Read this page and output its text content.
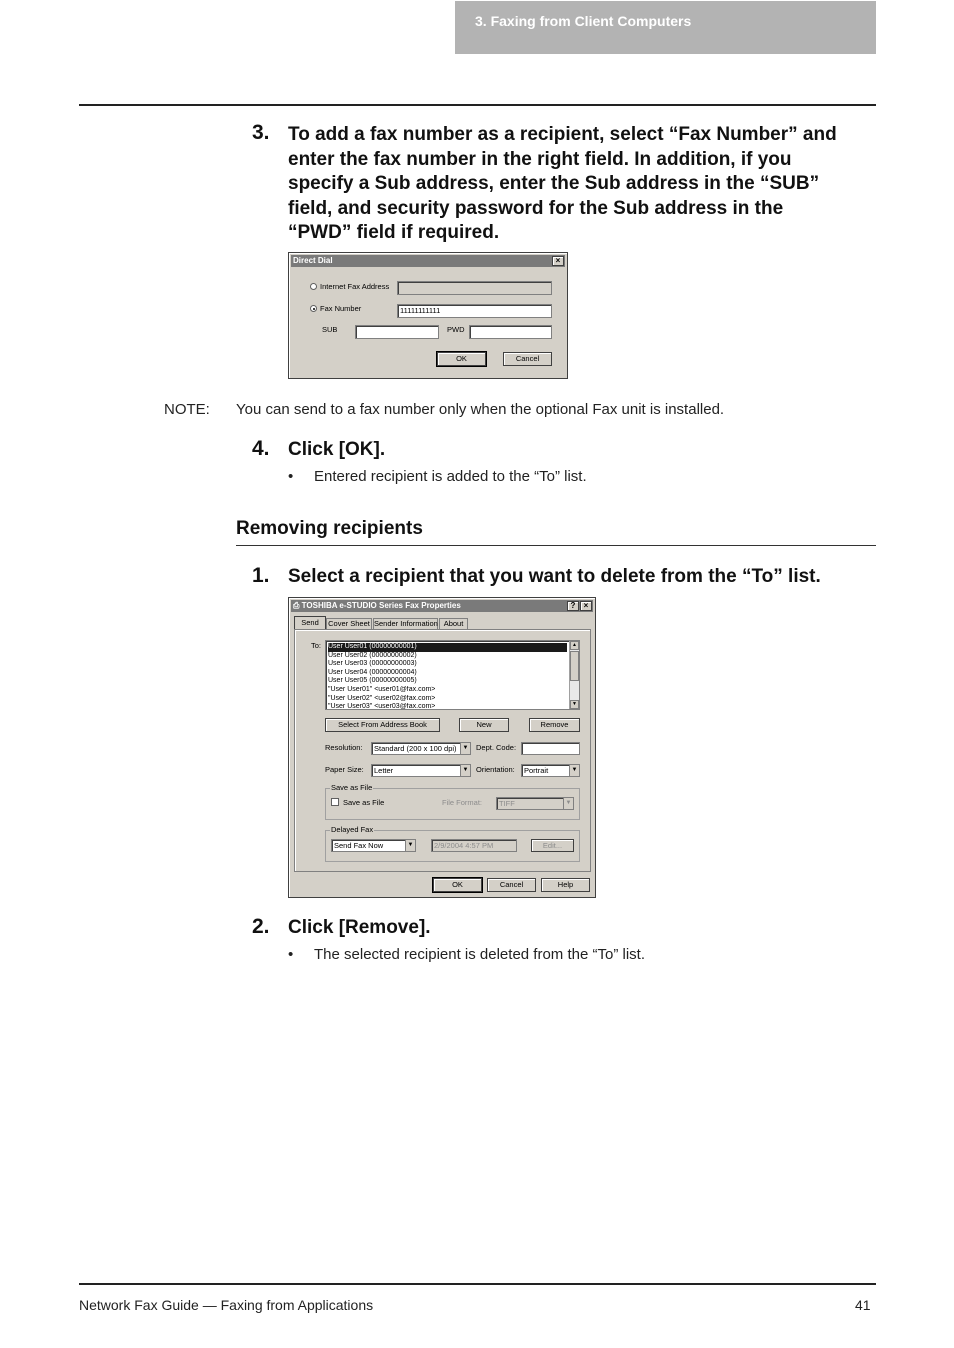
3. Faxing from Client Computers
3. To add a fax number as a recipient, select “Fax Number” and
enter the fax number in the right field. In addition, if you
specify a Sub address, enter the Sub address in the “SUB”
field, and security password for the Sub address in the
“PWD” field if required.
Direct Dial	×
Internet Fax Address
Fax Number	11111111111
SUB	PWD
OK	Cancel
NOTE: You can send to a fax number only when the optional Fax unit is installed.
4. Click [OK].
• Entered recipient is added to the “To” list.
Removing recipients
1. Select a recipient that you want to delete from the “To” list.
⎙ TOSHIBA e-STUDIO Series Fax Properties	?	×
Send	Cover Sheet Sender Information About
To: User User01 (00000000001)
User User02 (00000000002)
User User03 (00000000003)
User User04 (00000000004)
User User05 (00000000005)
"User User01" <user01@fax.com>
"User User02" <user02@fax.com>
"User User03" <user03@fax.com>
▲
▼
Select From Address Book	New	Remove
Resolution:	Standard (200 x 100 dpi) ▼ Dept. Code:
Paper Size:	Letter	▼ Orientation:	Portrait	▼
Save as File
Save as File	File Format:	TIFF	▼
Delayed Fax
Send Fax Now	▼	2/9/2004 4:57 PM	Edit...
OK	Cancel	Help
2. Click [Remove].
• The selected recipient is deleted from the “To” list.
Network Fax Guide — Faxing from Applications	41
